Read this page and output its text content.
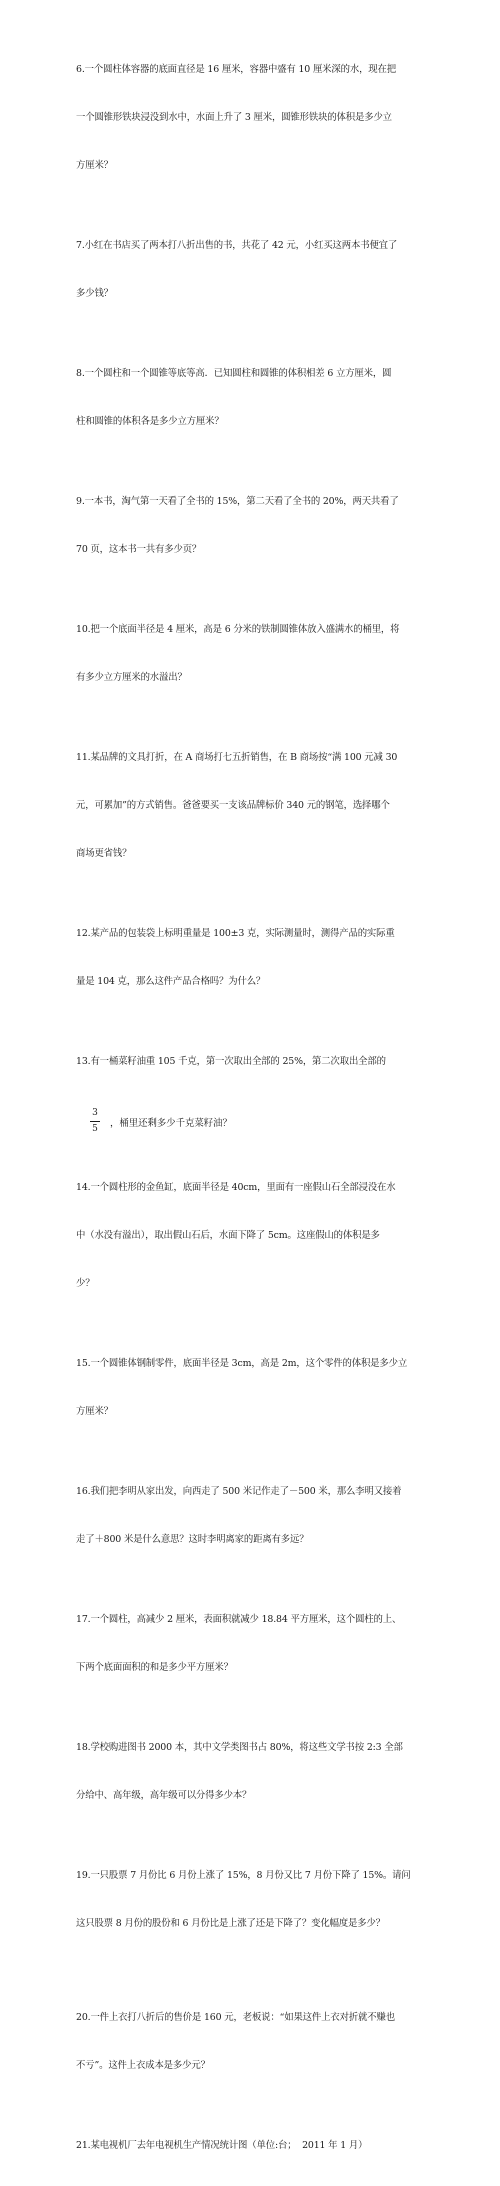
6.一个圆柱体容器的底面直径是 16 厘米，容器中盛有 10 厘米深的水，现在把

一个圆锥形铁块浸没到水中，水面上升了 3 厘米，圆锥形铁块的体积是多少立

方厘米？

7.小红在书店买了两本打八折出售的书，共花了 42 元，小红买这两本书便宜了

多少钱？

8.一个圆柱和一个圆锥等底等高．已知圆柱和圆锥的体积相差 6 立方厘米，圆

柱和圆锥的体积各是多少立方厘米？

9.一本书，淘气第一天看了全书的 15%，第二天看了全书的 20%，两天共看了

70 页，这本书一共有多少页？

10.把一个底面半径是 4 厘米，高是 6 分米的铁制圆锥体放入盛满水的桶里，将

有多少立方厘米的水溢出？

11.某品牌的文具打折，在 A 商场打七五折销售，在 B 商场按“满 100 元减 30

元，可累加”的方式销售。爸爸要买一支该品牌标价 340 元的钢笔，选择哪个

商场更省钱？

12.某产品的包装袋上标明重量是 100±3 克，实际测量时，测得产品的实际重

量是 104 克，那么这件产品合格吗？为什么？

13.有一桶菜籽油重 105 千克，第一次取出全部的 25%，第二次取出全部的

3
5 ，桶里还剩多少千克菜籽油？

14.一个圆柱形的金鱼缸，底面半径是 40cm，里面有一座假山石全部浸没在水

中（水没有溢出），取出假山石后，水面下降了 5cm。这座假山的体积是多

少？

15.一个圆锥体钢制零件，底面半径是 3cm，高是 2m，这个零件的体积是多少立

方厘米？

16.我们把李明从家出发，向西走了 500 米记作走了－500 米，那么李明又接着

走了＋800 米是什么意思？这时李明离家的距离有多远？

17.一个圆柱，高减少 2 厘米，表面积就减少 18.84 平方厘米，这个圆柱的上、

下两个底面面积的和是多少平方厘米？

18.学校购进图书 2000 本，其中文学类图书占 80%，将这些文学书按 2:3 全部

分给中、高年级，高年级可以分得多少本？

19.一只股票 7 月份比 6 月份上涨了 15%，8 月份又比 7 月份下降了 15%。请问

这只股票 8 月份的股份和 6 月份比是上涨了还是下降了？变化幅度是多少？

20.一件上衣打八折后的售价是 160 元，老板说：“如果这件上衣对折就不赚也

不亏”。这件上衣成本是多少元？

21.某电视机厂去年电视机生产情况统计图（单位:台；  2011 年 1 月）
